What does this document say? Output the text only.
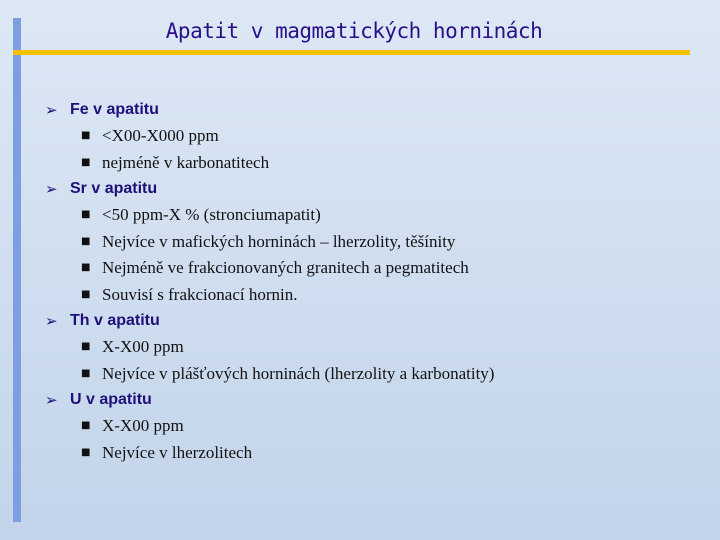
Apatit v magmatických horninách
➢ Fe v apatitu
■ <X00-X000 ppm
■ nejméně v karbonatitech
➢ Sr v apatitu
■ <50 ppm-X % (stronciumapatit)
■ Nejvíce v mafických horninách – lherzolity, těšínity
■ Nejméně ve frakcionovaných granitech a pegmatitech
■ Souvisí s frakcionací hornin.
➢ Th v apatitu
■ X-X00 ppm
■ Nejvíce v plášťových horninách (lherzolity a karbonatity)
➢ U v apatitu
■ X-X00 ppm
■ Nejvíce v lherzolitech
